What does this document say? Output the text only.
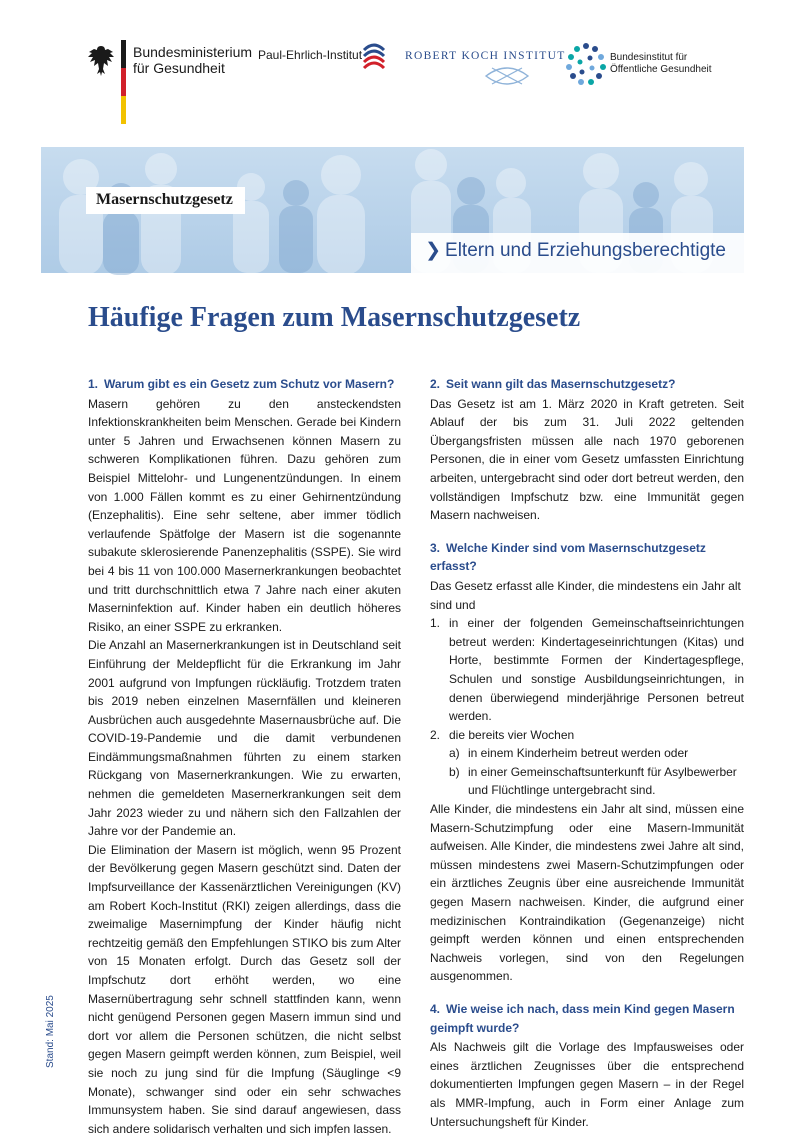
Bundesministerium
für Gesundheit
Paul-Ehrlich-Institut	ROBERT KOCH INSTITUT	Bundesinstitut für
Öffentliche Gesundheit
Masernschutzgesetz
❯ Eltern und Erziehungsberechtigte
Häufige Fragen zum Masernschutzgesetz
1. Warum gibt es ein Gesetz zum Schutz vor Masern?

Masern gehören zu den ansteckendsten Infektionskrankheiten beim Menschen. Gerade bei Kindern unter 5 Jahren und Erwachsenen können Masern zu schweren Komplikationen führen. Dazu gehören zum Beispiel Mittelohr- und Lungenentzündungen. In einem von 1.000 Fällen kommt es zu einer Gehirnentzündung (Enzephalitis). Eine sehr seltene, aber immer tödlich verlaufende Spätfolge der Masern ist die sogenannte subakute sklerosierende Panenzephalitis (SSPE). Sie wird bei 4 bis 11 von 100.000 Masernerkrankungen beobachtet und tritt durchschnittlich etwa 7 Jahre nach einer akuten Maserninfektion auf. Kinder haben ein deutlich höheres Risiko, an einer SSPE zu erkranken.

Die Anzahl an Masernerkrankungen ist in Deutschland seit Einführung der Meldepflicht für die Erkrankung im Jahr 2001 aufgrund von Impfungen rückläufig. Trotzdem traten bis 2019 neben einzelnen Masernfällen und kleineren Ausbrüchen auch ausgedehnte Masernausbrüche auf. Die COVID-19-Pandemie und die damit verbundenen Eindämmungsmaßnahmen führten zu einem starken Rückgang von Masernerkrankungen. Wie zu erwarten, nehmen die gemeldeten Masernerkrankungen seit dem Jahr 2023 wieder zu und nähern sich den Fallzahlen der Jahre vor der Pandemie an.

Die Elimination der Masern ist möglich, wenn 95 Prozent der Bevölkerung gegen Masern geschützt sind. Daten der Impfsurveillance der Kassenärztlichen Vereinigungen (KV) am Robert Koch-Institut (RKI) zeigen allerdings, dass die zweimalige Masernimpfung der Kinder häufig nicht rechtzeitig gemäß den Empfehlungen STIKO bis zum Alter von 15 Monaten erfolgt. Durch das Gesetz soll der Impfschutz dort erhöht werden, wo eine Masernübertragung sehr schnell stattfinden kann, wenn nicht genügend Personen gegen Masern immun sind und dort vor allem die Personen schützen, die nicht selbst gegen Masern geimpft werden können, zum Beispiel, weil sie noch zu jung sind für die Impfung (Säuglinge <9 Monate), schwanger sind oder ein sehr schwaches Immunsystem haben. Sie sind darauf angewiesen, dass sich andere solidarisch verhalten und sich impfen lassen.

2. Seit wann gilt das Masernschutzgesetz?

Das Gesetz ist am 1. März 2020 in Kraft getreten. Seit Ablauf der bis zum 31. Juli 2022 geltenden Übergangsfristen müssen alle nach 1970 geborenen Personen, die in einer vom Gesetz umfassten Einrichtung arbeiten, untergebracht sind oder dort betreut werden, den vollständigen Impfschutz bzw. eine Immunität gegen Masern nachweisen.

3. Welche Kinder sind vom Masernschutzgesetz erfasst?

Das Gesetz erfasst alle Kinder, die mindestens ein Jahr alt sind und

1. in einer der folgenden Gemeinschaftseinrichtungen betreut werden: Kindertageseinrichtungen (Kitas) und Horte, bestimmte Formen der Kindertagespflege, Schulen und sonstige Ausbildungseinrichtungen, in denen überwiegend minderjährige Personen betreut werden.
2. die bereits vier Wochen
a) in einem Kinderheim betreut werden oder
b) in einer Gemeinschaftsunterkunft für Asylbewerber und Flüchtlinge untergebracht sind.

Alle Kinder, die mindestens ein Jahr alt sind, müssen eine Masern-Schutzimpfung oder eine Masern-Immunität aufweisen. Alle Kinder, die mindestens zwei Jahre alt sind, müssen mindestens zwei Masern-Schutzimpfungen oder ein ärztliches Zeugnis über eine ausreichende Immunität gegen Masern nachweisen. Kinder, die aufgrund einer medizinischen Kontraindikation (Gegenanzeige) nicht geimpft werden können und einen entsprechenden Nachweis vorlegen, sind von den Regelungen ausgenommen.

4. Wie weise ich nach, dass mein Kind gegen Masern geimpft wurde?

Als Nachweis gilt die Vorlage des Impfausweises oder eines ärztlichen Zeugnisses über die entsprechend dokumentierten Impfungen gegen Masern – in der Regel als MMR-Impfung, auch in Form einer Anlage zum Untersuchungsheft für Kinder.

Stand: Mai 2025
